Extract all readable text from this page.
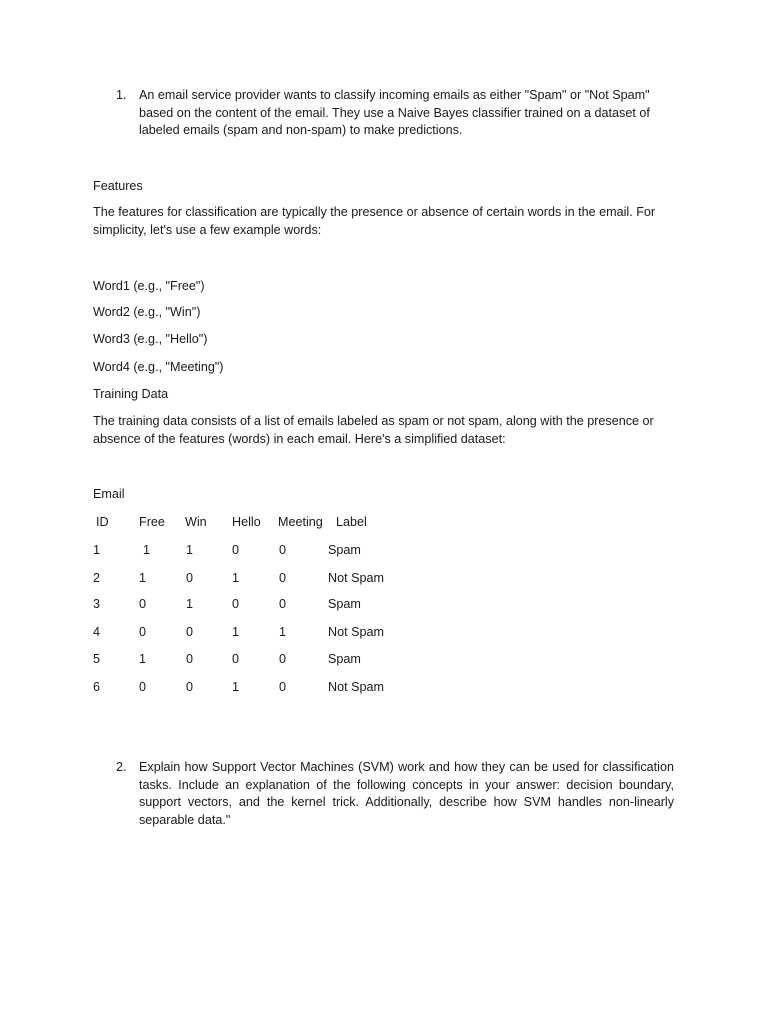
1. An email service provider wants to classify incoming emails as either "Spam" or "Not Spam" based on the content of the email. They use a Naive Bayes classifier trained on a dataset of labeled emails (spam and non-spam) to make predictions.
Features
The features for classification are typically the presence or absence of certain words in the email. For simplicity, let's use a few example words:
Word1 (e.g., "Free")
Word2 (e.g., "Win")
Word3 (e.g., "Hello")
Word4 (e.g., "Meeting")
Training Data
The training data consists of a list of emails labeled as spam or not spam, along with the presence or absence of the features (words) in each email. Here's a simplified dataset:
Email
ID Free Win Hello Meeting Label
1	1	1	0	0	Spam
2	1	0	1	0	Not Spam
3	0	1	0	0	Spam
4	0	0	1	1	Not Spam
5	1	0	0	0	Spam
6	0	0	1	0	Not Spam
2. Explain how Support Vector Machines (SVM) work and how they can be used for classification tasks. Include an explanation of the following concepts in your answer: decision boundary, support vectors, and the kernel trick. Additionally, describe how SVM handles non-linearly separable data."
